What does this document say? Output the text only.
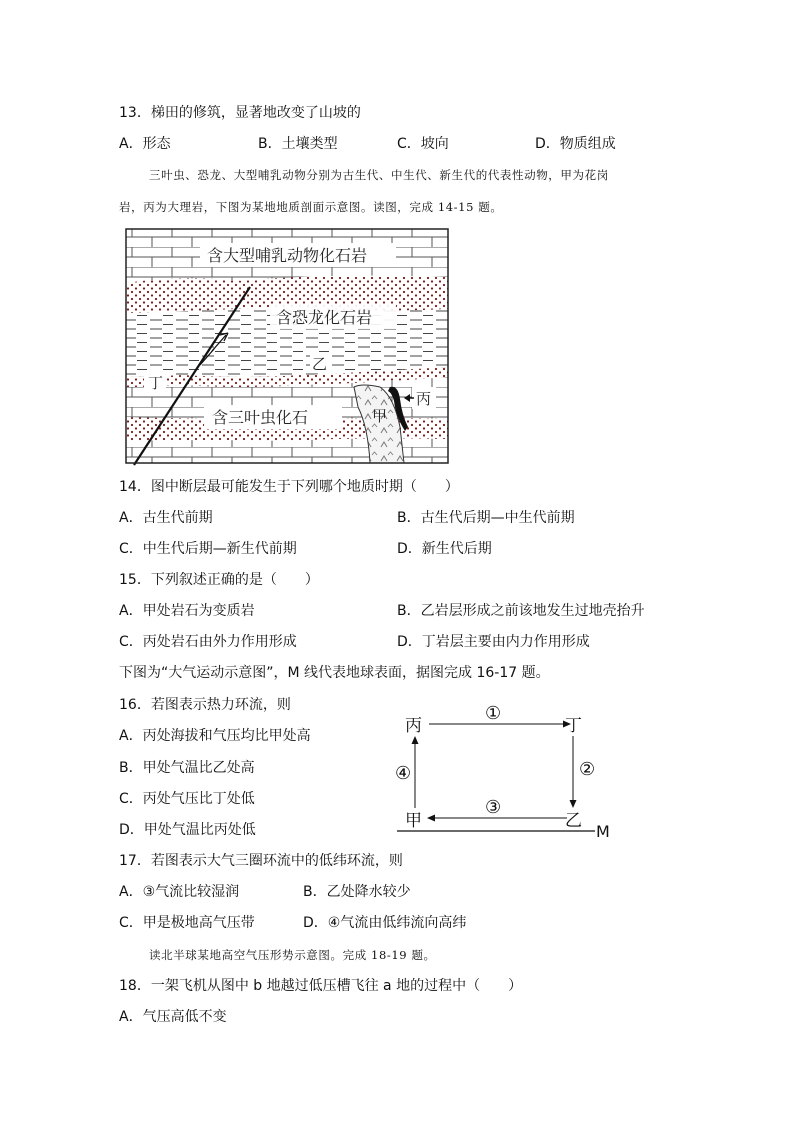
13．梯田的修筑，显著地改变了山坡的
A．形态	B．土壤类型	C．坡向	D．物质组成
三叶虫、恐龙、大型哺乳动物分别为古生代、中生代、新生代的代表性动物，甲为花岗
岩，丙为大理岩，下图为某地地质剖面示意图。读图，完成 14-15 题。
含大型哺乳动物化石岩
含恐龙化石岩
含三叶虫化石
丁
乙
甲
丙
14．图中断层最可能发生于下列哪个地质时期（　　）
A．古生代前期	B．古生代后期—中生代前期
C．中生代后期—新生代前期	D．新生代后期
15．下列叙述正确的是（　　）
A．甲处岩石为变质岩	B．乙岩层形成之前该地发生过地壳抬升
C．丙处岩石由外力作用形成	D．丁岩层主要由内力作用形成
下图为“大气运动示意图”，M 线代表地球表面，据图完成 16-17 题。
16．若图表示热力环流，则
A．丙处海拔和气压均比甲处高
B．甲处气温比乙处高
C．丙处气压比丁处低
D．甲处气温比丙处低
丙	丁
甲	乙
M
①
②
③
④
17．若图表示大气三圈环流中的低纬环流，则
A．③气流比较湿润	B．乙处降水较少
C．甲是极地高气压带	D．④气流由低纬流向高纬
读北半球某地高空气压形势示意图。完成 18-19 题。
18．一架飞机从图中 b 地越过低压槽飞往 a 地的过程中（　　）
A．气压高低不变
